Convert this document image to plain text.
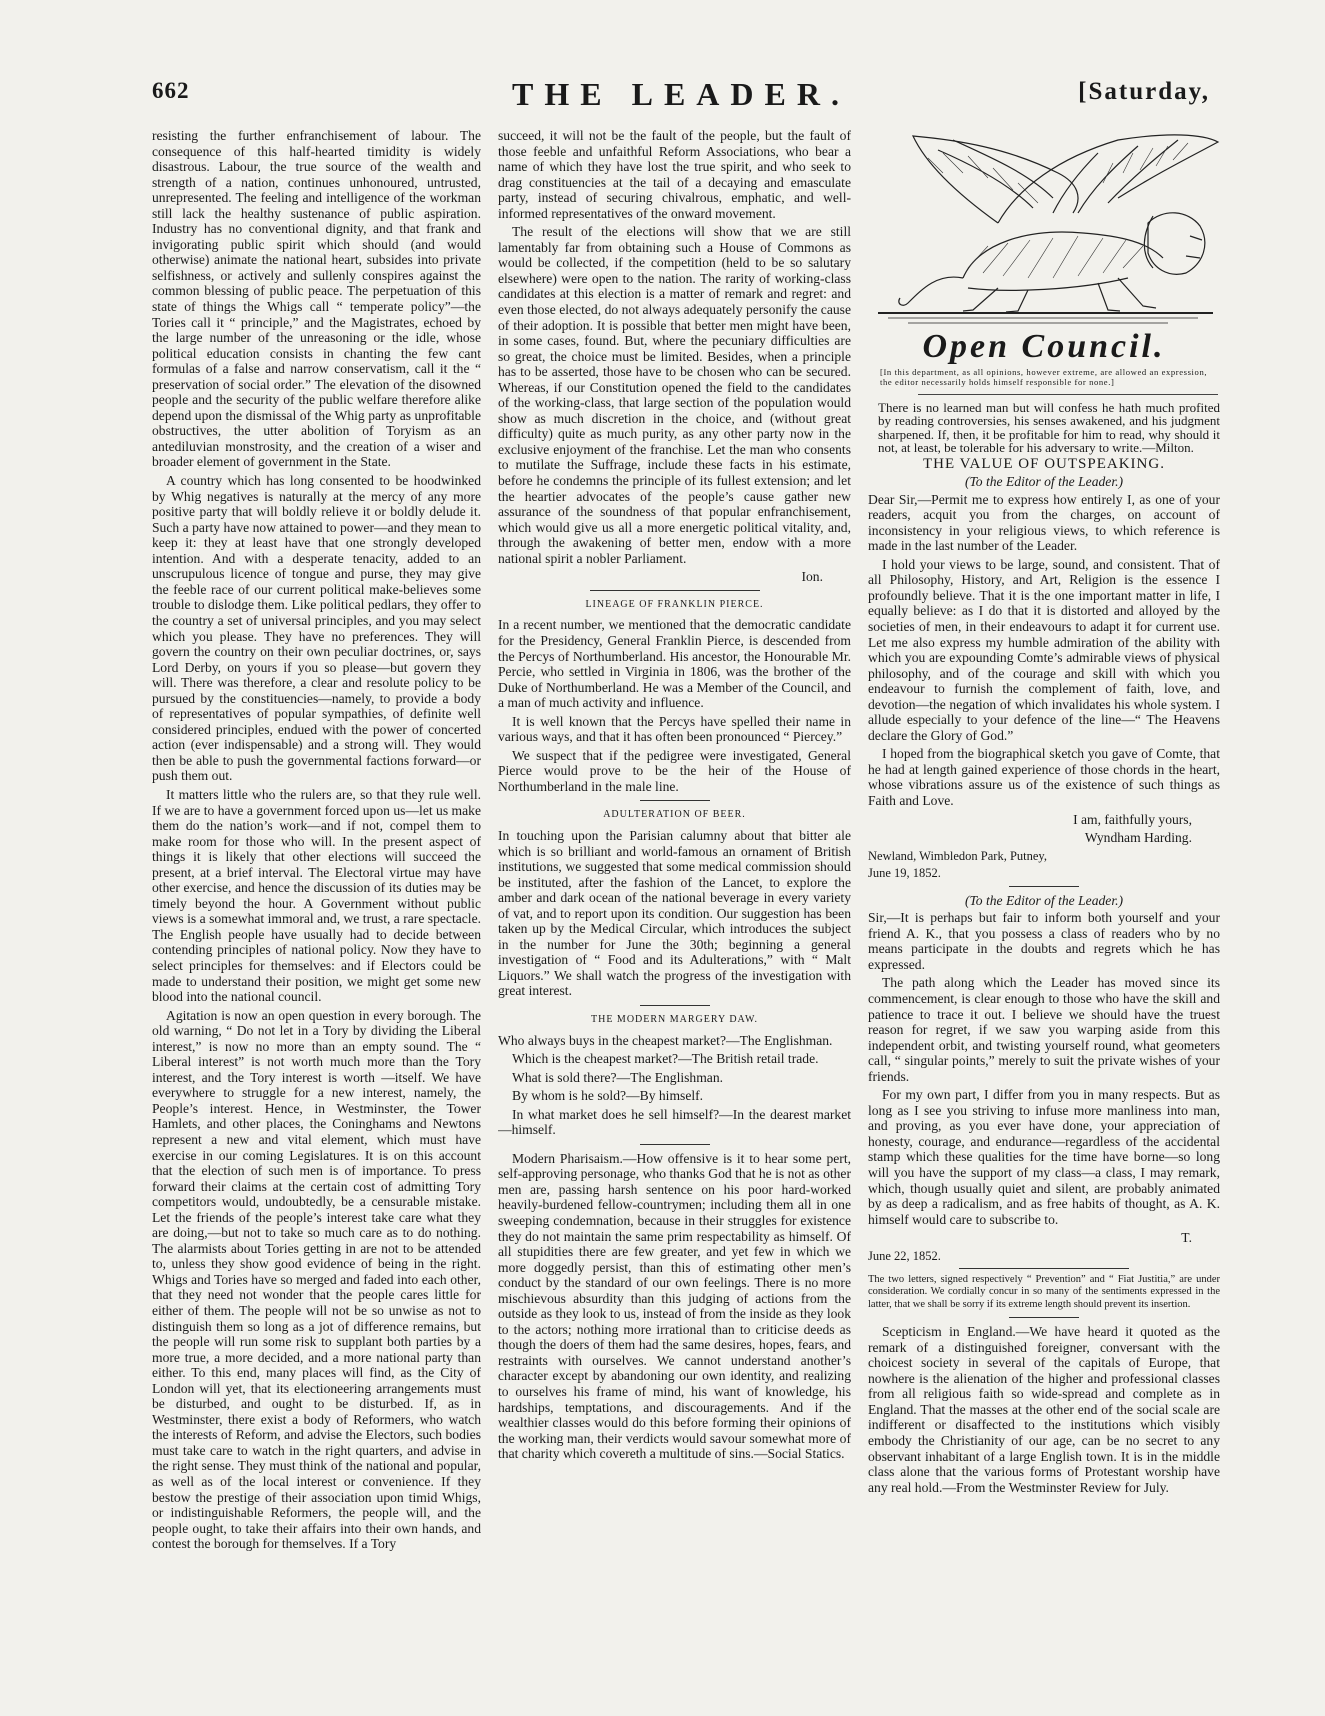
662	THE LEADER.	[Saturday,

resisting the further enfranchisement of labour. The consequence of this half-hearted timidity is widely disastrous. Labour, the true source of the wealth and strength of a nation, continues unhonoured, untrusted, unrepresented. The feeling and intelligence of the workman still lack the healthy sustenance of public aspiration. Industry has no conventional dignity, and that frank and invigorating public spirit which should (and would otherwise) animate the national heart, subsides into private selfishness, or actively and sullenly conspires against the common blessing of public peace. The perpetuation of this state of things the Whigs call “ temperate policy”—the Tories call it “ principle,” and the Magistrates, echoed by the large number of the unreasoning or the idle, whose political education consists in chanting the few cant formulas of a false and narrow conservatism, call it the “ preservation of social order.” The elevation of the disowned people and the security of the public welfare therefore alike depend upon the dismissal of the Whig party as unprofitable obstructives, the utter abolition of Toryism as an antediluvian monstrosity, and the creation of a wiser and broader element of government in the State.

A country which has long consented to be hoodwinked by Whig negatives is naturally at the mercy of any more positive party that will boldly relieve it or boldly delude it. Such a party have now attained to power—and they mean to keep it: they at least have that one strongly developed intention. And with a desperate tenacity, added to an unscrupulous licence of tongue and purse, they may give the feeble race of our current political make-believes some trouble to dislodge them. Like political pedlars, they offer to the country a set of universal principles, and you may select which you please. They have no preferences. They will govern the country on their own peculiar doctrines, or, says Lord Derby, on yours if you so please—but govern they will. There was therefore, a clear and resolute policy to be pursued by the constituencies—namely, to provide a body of representatives of popular sympathies, of definite well considered principles, endued with the power of concerted action (ever indispensable) and a strong will. They would then be able to push the governmental factions forward—or push them out.

It matters little who the rulers are, so that they rule well. If we are to have a government forced upon us—let us make them do the nation’s work—and if not, compel them to make room for those who will. In the present aspect of things it is likely that other elections will succeed the present, at a brief interval. The Electoral virtue may have other exercise, and hence the discussion of its duties may be timely beyond the hour. A Government without public views is a somewhat immoral and, we trust, a rare spectacle. The English people have usually had to decide between contending principles of national policy. Now they have to select principles for themselves: and if Electors could be made to understand their position, we might get some new blood into the national council.

Agitation is now an open question in every borough. The old warning, “ Do not let in a Tory by dividing the Liberal interest,” is now no more than an empty sound. The “ Liberal interest” is not worth much more than the Tory interest, and the Tory interest is worth —itself. We have everywhere to struggle for a new interest, namely, the People’s interest. Hence, in Westminster, the Tower Hamlets, and other places, the Coninghams and Newtons represent a new and vital element, which must have exercise in our coming Legislatures. It is on this account that the election of such men is of importance. To press forward their claims at the certain cost of admitting Tory competitors would, undoubtedly, be a censurable mistake. Let the friends of the people’s interest take care what they are doing,—but not to take so much care as to do nothing. The alarmists about Tories getting in are not to be attended to, unless they show good evidence of being in the right. Whigs and Tories have so merged and faded into each other, that they need not wonder that the people cares little for either of them. The people will not be so unwise as not to distinguish them so long as a jot of difference remains, but the people will run some risk to supplant both parties by a more true, a more decided, and a more national party than either. To this end, many places will find, as the City of London will yet, that its electioneering arrangements must be disturbed, and ought to be disturbed. If, as in Westminster, there exist a body of Reformers, who watch the interests of Reform, and advise the Electors, such bodies must take care to watch in the right quarters, and advise in the right sense. They must think of the national and popular, as well as of the local interest or convenience. If they bestow the prestige of their association upon timid Whigs, or indistinguishable Reformers, the people will, and the people ought, to take their affairs into their own hands, and contest the borough for themselves. If a Tory

succeed, it will not be the fault of the people, but the fault of those feeble and unfaithful Reform Associations, who bear a name of which they have lost the true spirit, and who seek to drag constituencies at the tail of a decaying and emasculate party, instead of securing chivalrous, emphatic, and well-informed representatives of the onward movement.

The result of the elections will show that we are still lamentably far from obtaining such a House of Commons as would be collected, if the competition (held to be so salutary elsewhere) were open to the nation. The rarity of working-class candidates at this election is a matter of remark and regret: and even those elected, do not always adequately personify the cause of their adoption. It is possible that better men might have been, in some cases, found. But, where the pecuniary difficulties are so great, the choice must be limited. Besides, when a principle has to be asserted, those have to be chosen who can be secured. Whereas, if our Constitution opened the field to the candidates of the working-class, that large section of the population would show as much discretion in the choice, and (without great difficulty) quite as much purity, as any other party now in the exclusive enjoyment of the franchise. Let the man who consents to mutilate the Suffrage, include these facts in his estimate, before he condemns the principle of its fullest extension; and let the heartier advocates of the people’s cause gather new assurance of the soundness of that popular enfranchisement, which would give us all a more energetic political vitality, and, through the awakening of better men, endow with a more national spirit a nobler Parliament.

Ion.

LINEAGE OF FRANKLIN PIERCE.

In a recent number, we mentioned that the democratic candidate for the Presidency, General Franklin Pierce, is descended from the Percys of Northumberland. His ancestor, the Honourable Mr. Percie, who settled in Virginia in 1806, was the brother of the Duke of Northumberland. He was a Member of the Council, and a man of much activity and influence.

It is well known that the Percys have spelled their name in various ways, and that it has often been pronounced “ Piercey.”

We suspect that if the pedigree were investigated, General Pierce would prove to be the heir of the House of Northumberland in the male line.

ADULTERATION OF BEER.

In touching upon the Parisian calumny about that bitter ale which is so brilliant and world-famous an ornament of British institutions, we suggested that some medical commission should be instituted, after the fashion of the Lancet, to explore the amber and dark ocean of the national beverage in every variety of vat, and to report upon its condition. Our suggestion has been taken up by the Medical Circular, which introduces the subject in the number for June the 30th; beginning a general investigation of “ Food and its Adulterations,” with “ Malt Liquors.” We shall watch the progress of the investigation with great interest.

THE MODERN MARGERY DAW.

Who always buys in the cheapest market?—The Englishman.

Which is the cheapest market?—The British retail trade.

What is sold there?—The Englishman.

By whom is he sold?—By himself.

In what market does he sell himself?—In the dearest market—himself.

Modern Pharisaism.—How offensive is it to hear some pert, self-approving personage, who thanks God that he is not as other men are, passing harsh sentence on his poor hard-worked heavily-burdened fellow-countrymen; including them all in one sweeping condemnation, because in their struggles for existence they do not maintain the same prim respectability as himself. Of all stupidities there are few greater, and yet few in which we more doggedly persist, than this of estimating other men’s conduct by the standard of our own feelings. There is no more mischievous absurdity than this judging of actions from the outside as they look to us, instead of from the inside as they look to the actors; nothing more irrational than to criticise deeds as though the doers of them had the same desires, hopes, fears, and restraints with ourselves. We cannot understand another’s character except by abandoning our own identity, and realizing to ourselves his frame of mind, his want of knowledge, his hardships, temptations, and discouragements. And if the wealthier classes would do this before forming their opinions of the working man, their verdicts would savour somewhat more of that charity which covereth a multitude of sins.—Social Statics.

Open Council.
[In this department, as all opinions, however extreme, are allowed an expression, the editor necessarily holds himself responsible for none.]

There is no learned man but will confess he hath much profited by reading controversies, his senses awakened, and his judgment sharpened. If, then, it be profitable for him to read, why should it not, at least, be tolerable for his adversary to write.—Milton.

THE VALUE OF OUTSPEAKING.
(To the Editor of the Leader.)

Dear Sir,—Permit me to express how entirely I, as one of your readers, acquit you from the charges, on account of inconsistency in your religious views, to which reference is made in the last number of the Leader.

I hold your views to be large, sound, and consistent. That of all Philosophy, History, and Art, Religion is the essence I profoundly believe. That it is the one important matter in life, I equally believe: as I do that it is distorted and alloyed by the societies of men, in their endeavours to adapt it for current use. Let me also express my humble admiration of the ability with which you are expounding Comte’s admirable views of physical philosophy, and of the courage and skill with which you endeavour to furnish the complement of faith, love, and devotion—the negation of which invalidates his whole system. I allude especially to your defence of the line—“ The Heavens declare the Glory of God.”

I hoped from the biographical sketch you gave of Comte, that he had at length gained experience of those chords in the heart, whose vibrations assure us of the existence of such things as Faith and Love.

I am, faithfully yours,

Wyndham Harding.

Newland, Wimbledon Park, Putney,

June 19, 1852.

(To the Editor of the Leader.)

Sir,—It is perhaps but fair to inform both yourself and your friend A. K., that you possess a class of readers who by no means participate in the doubts and regrets which he has expressed.

The path along which the Leader has moved since its commencement, is clear enough to those who have the skill and patience to trace it out. I believe we should have the truest reason for regret, if we saw you warping aside from this independent orbit, and twisting yourself round, what geometers call, “ singular points,” merely to suit the private wishes of your friends.

For my own part, I differ from you in many respects. But as long as I see you striving to infuse more manliness into man, and proving, as you ever have done, your appreciation of honesty, courage, and endurance—regardless of the accidental stamp which these qualities for the time have borne—so long will you have the support of my class—a class, I may remark, which, though usually quiet and silent, are probably animated by as deep a radicalism, and as free habits of thought, as A. K. himself would care to subscribe to.

T.

June 22, 1852.

The two letters, signed respectively “ Prevention” and “ Fiat Justitia,” are under consideration. We cordially concur in so many of the sentiments expressed in the latter, that we shall be sorry if its extreme length should prevent its insertion.

Scepticism in England.—We have heard it quoted as the remark of a distinguished foreigner, conversant with the choicest society in several of the capitals of Europe, that nowhere is the alienation of the higher and professional classes from all religious faith so wide-spread and complete as in England. That the masses at the other end of the social scale are indifferent or disaffected to the institutions which visibly embody the Christianity of our age, can be no secret to any observant inhabitant of a large English town. It is in the middle class alone that the various forms of Protestant worship have any real hold.—From the Westminster Review for July.
